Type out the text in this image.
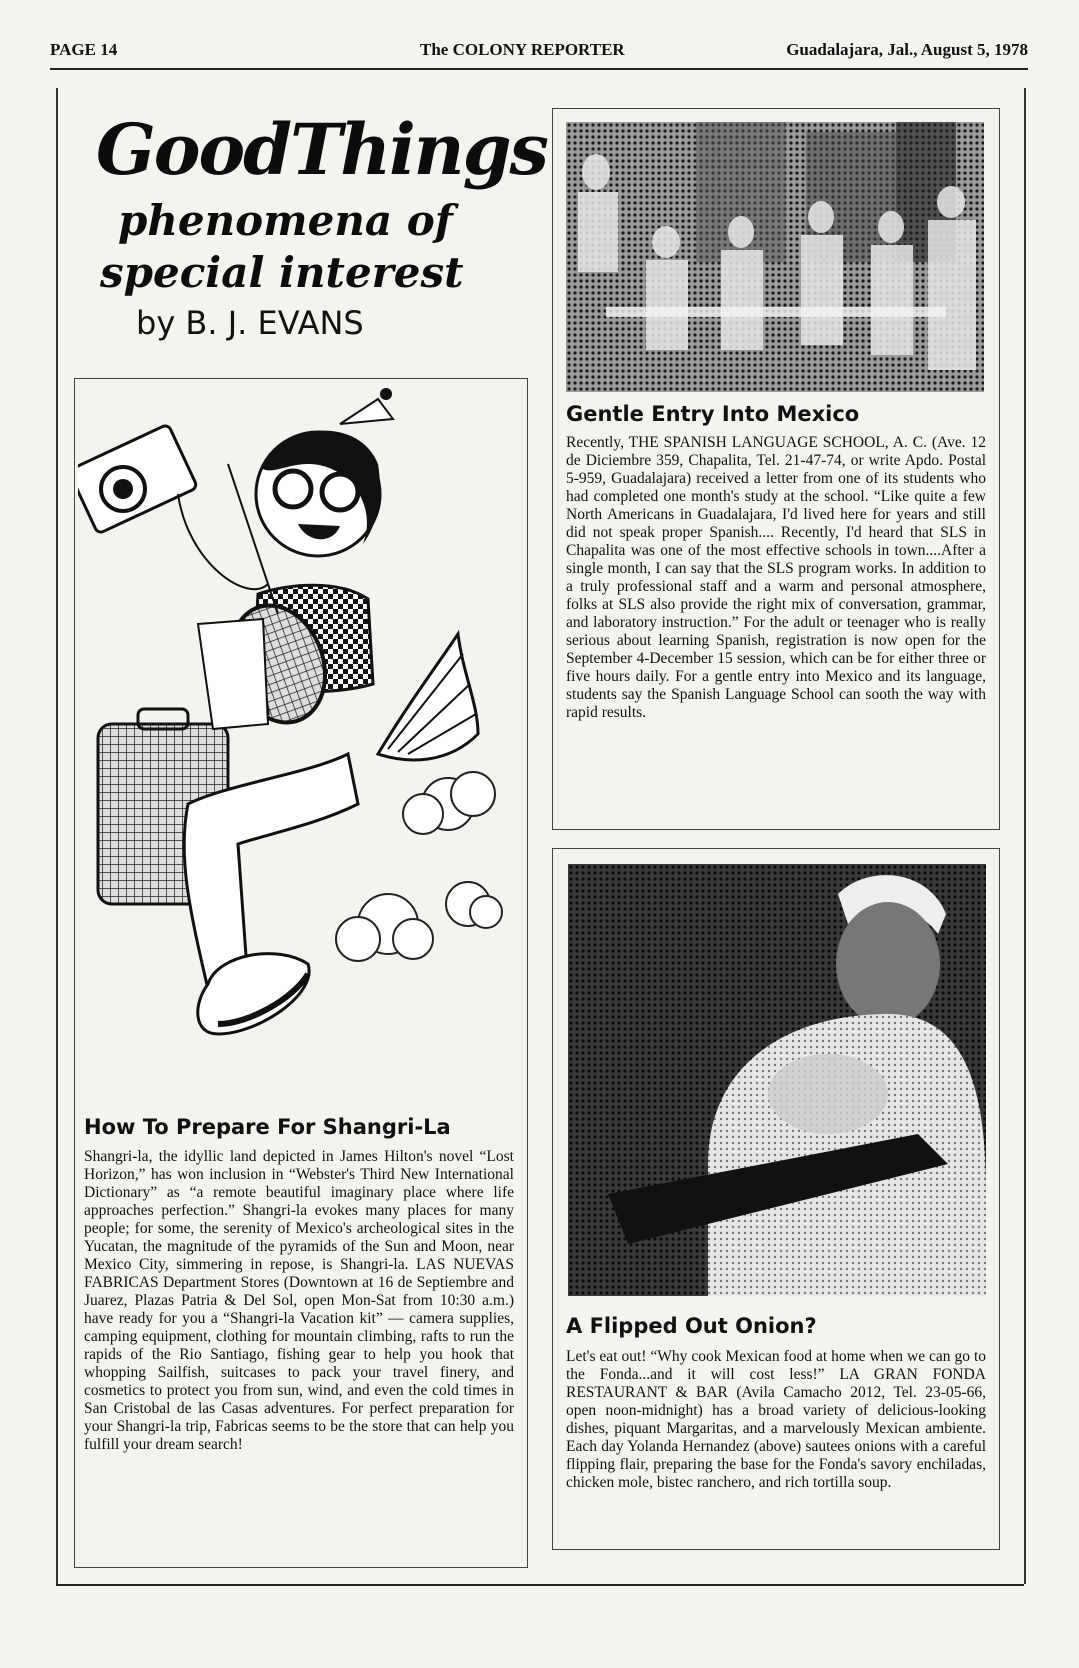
PAGE 14	The COLONY REPORTER	Guadalajara, Jal., August 5, 1978
GoodThings
phenomena of
special interest
by B. J. EVANS
How To Prepare For Shangri-La

Shangri-la, the idyllic land depicted in James Hilton's novel “Lost Horizon,” has won inclusion in “Webster's Third New International Dictionary” as “a remote beautiful imaginary place where life approaches perfection.” Shangri-la evokes many places for many people; for some, the serenity of Mexico's archeological sites in the Yucatan, the magnitude of the pyramids of the Sun and Moon, near Mexico City, simmering in repose, is Shangri-la. LAS NUEVAS FABRICAS Department Stores (Downtown at 16 de Septiembre and Juarez, Plazas Patria & Del Sol, open Mon-Sat from 10:30 a.m.) have ready for you a “Shangri-la Vacation kit” — camera supplies, camping equipment, clothing for mountain climbing, rafts to run the rapids of the Rio Santiago, fishing gear to help you hook that whopping Sailfish, suitcases to pack your travel finery, and cosmetics to protect you from sun, wind, and even the cold times in San Cristobal de las Casas adventures. For perfect preparation for your Shangri-la trip, Fabricas seems to be the store that can help you fulfill your dream search!

Gentle Entry Into Mexico

Recently, THE SPANISH LANGUAGE SCHOOL, A. C. (Ave. 12 de Diciembre 359, Chapalita, Tel. 21-47-74, or write Apdo. Postal 5-959, Guadalajara) received a letter from one of its students who had completed one month's study at the school. “Like quite a few North Americans in Guadalajara, I'd lived here for years and still did not speak proper Spanish.... Recently, I'd heard that SLS in Chapalita was one of the most effective schools in town....After a single month, I can say that the SLS program works. In addition to a truly professional staff and a warm and personal atmosphere, folks at SLS also provide the right mix of conversation, grammar, and laboratory instruction.” For the adult or teenager who is really serious about learning Spanish, registration is now open for the September 4-December 15 session, which can be for either three or five hours daily. For a gentle entry into Mexico and its language, students say the Spanish Language School can sooth the way with rapid results.

A Flipped Out Onion?

Let's eat out! “Why cook Mexican food at home when we can go to the Fonda...and it will cost less!” LA GRAN FONDA RESTAURANT & BAR (Avila Camacho 2012, Tel. 23-05-66, open noon-midnight) has a broad variety of delicious-looking dishes, piquant Margaritas, and a marvelously Mexican ambiente. Each day Yolanda Hernandez (above) sautees onions with a careful flipping flair, preparing the base for the Fonda's savory enchiladas, chicken mole, bistec ranchero, and rich tortilla soup.
